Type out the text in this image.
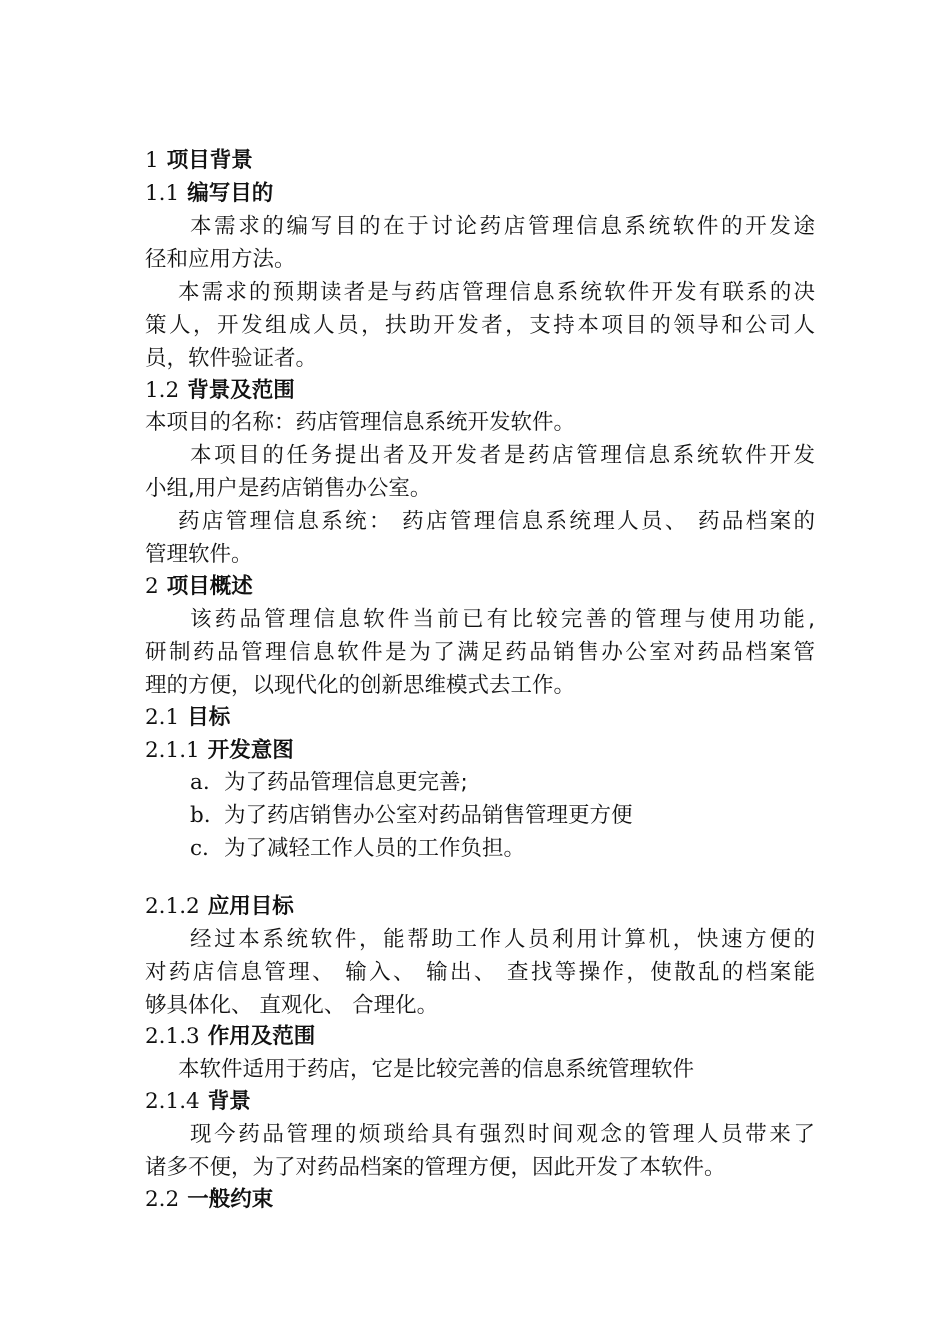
1 项目背景
1.1 编写目的
本需求的编写目的在于讨论药店管理信息系统软件的开发途
径和应用方法。
本需求的预期读者是与药店管理信息系统软件开发有联系的决
策人，开发组成人员，扶助开发者，支持本项目的领导和公司人
员，软件验证者。
1.2 背景及范围
本项目的名称：药店管理信息系统开发软件。
本项目的任务提出者及开发者是药店管理信息系统软件开发
小组,用户是药店销售办公室。
药店管理信息系统： 药店管理信息系统理人员、 药品档案的
管理软件。
2 项目概述
该药品管理信息软件当前已有比较完善的管理与使用功能,
研制药品管理信息软件是为了满足药品销售办公室对药品档案管
理的方便，以现代化的创新思维模式去工作。
2.1 目标
2.1.1 开发意图
a. 为了药品管理信息更完善;
b. 为了药店销售办公室对药品销售管理更方便
c. 为了减轻工作人员的工作负担。
2.1.2 应用目标
经过本系统软件，能帮助工作人员利用计算机，快速方便的
对药店信息管理、 输入、 输出、 查找等操作，使散乱的档案能
够具体化、 直观化、 合理化。
2.1.3 作用及范围
本软件适用于药店，它是比较完善的信息系统管理软件
2.1.4 背景
现今药品管理的烦琐给具有强烈时间观念的管理人员带来了
诸多不便，为了对药品档案的管理方便，因此开发了本软件。
2.2 一般约束
